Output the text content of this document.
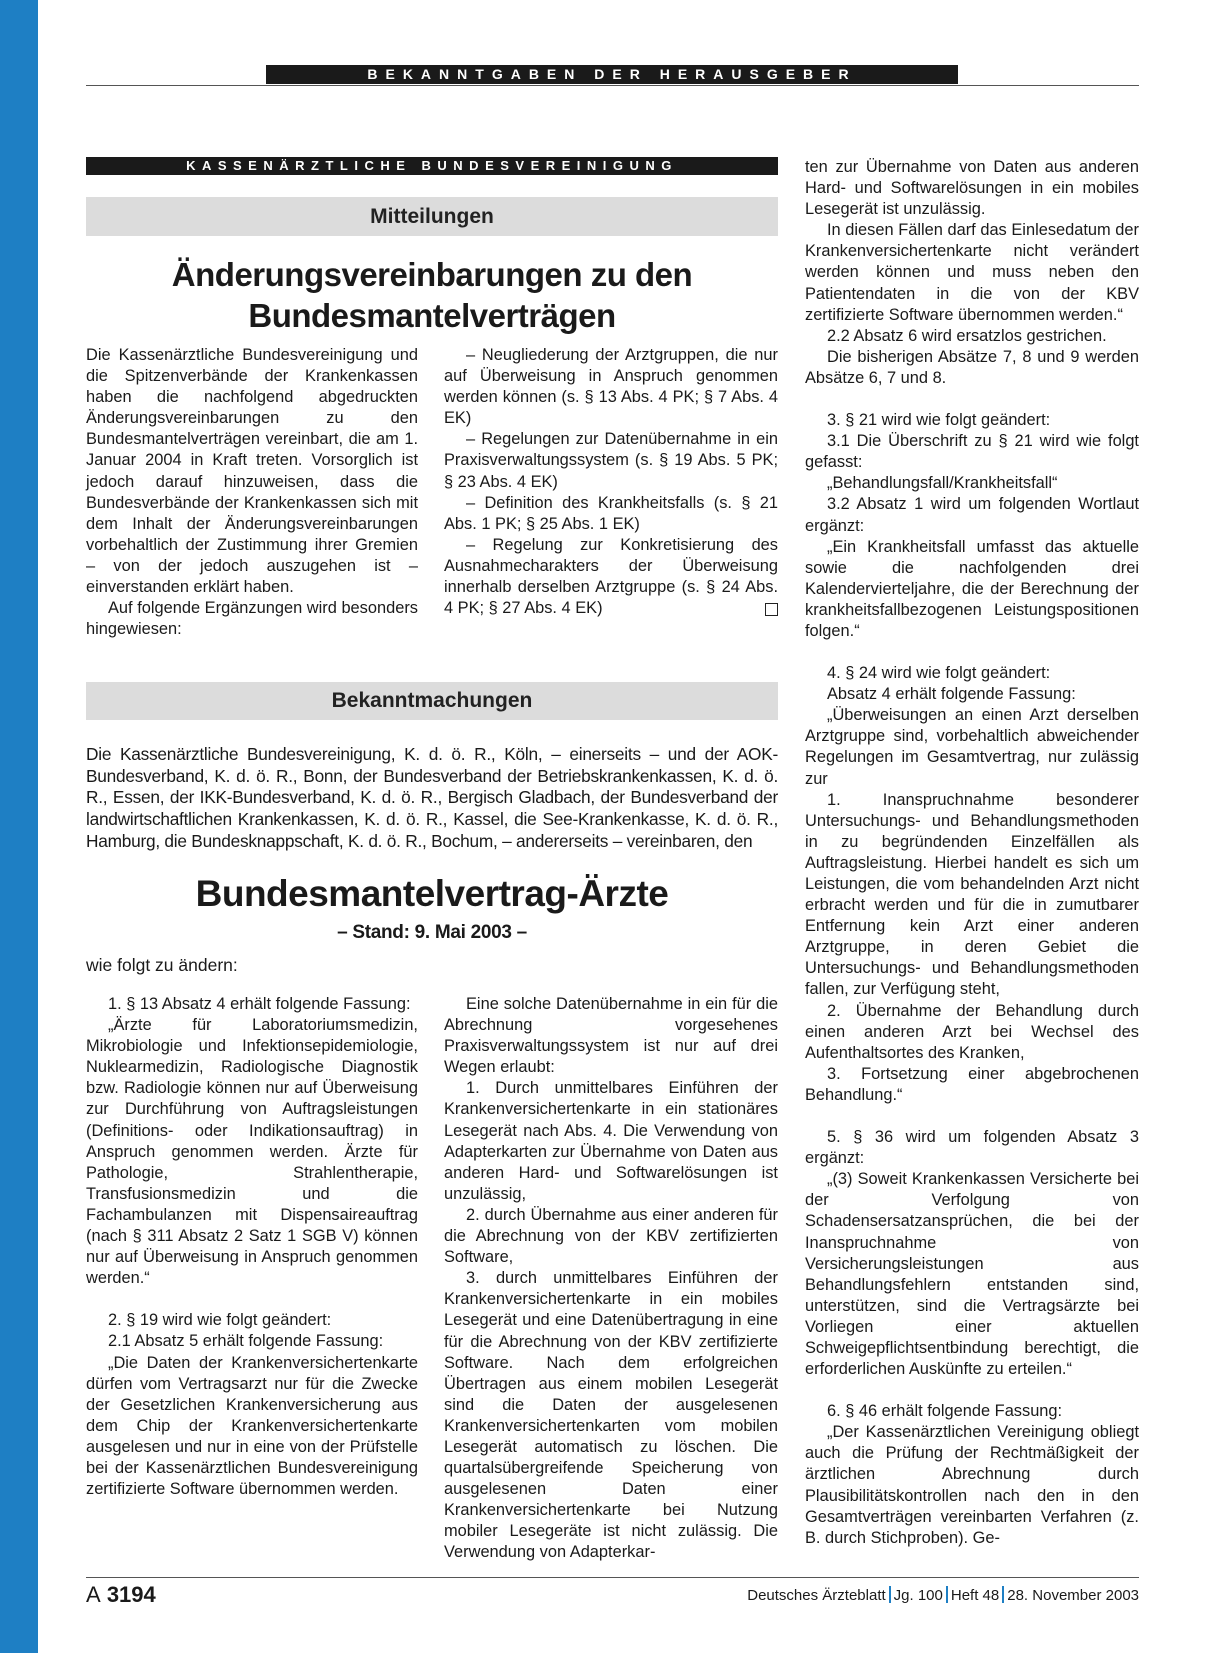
BEKANNTGABEN DER HERAUSGEBER
KASSENÄRZTLICHE BUNDESVEREINIGUNG
Mitteilungen
Änderungsvereinbarungen zu den
Bundesmantelverträgen

Die Kassenärztliche Bundesvereinigung und die Spitzenverbände der Krankenkassen haben die nachfolgend abgedruckten Änderungsvereinbarungen zu den Bundesmantelverträgen vereinbart, die am 1. Januar 2004 in Kraft treten. Vorsorglich ist jedoch darauf hinzuweisen, dass die Bundesverbände der Krankenkassen sich mit dem Inhalt der Änderungsvereinbarungen vorbehaltlich der Zustimmung ihrer Gremien – von der jedoch auszugehen ist – einverstanden erklärt haben.

Auf folgende Ergänzungen wird besonders hingewiesen:

– Neugliederung der Arztgruppen, die nur auf Überweisung in Anspruch genommen werden können (s. § 13 Abs. 4 PK; § 7 Abs. 4 EK)

– Regelungen zur Datenübernahme in ein Praxisverwaltungssystem (s. § 19 Abs. 5 PK; § 23 Abs. 4 EK)

– Definition des Krankheitsfalls (s. § 21 Abs. 1 PK; § 25 Abs. 1 EK)

– Regelung zur Konkretisierung des Ausnahmecharakters der Überweisung innerhalb derselben Arztgruppe (s. § 24 Abs. 4 PK; § 27 Abs. 4 EK)

Bekanntmachungen
Die Kassenärztliche Bundesvereinigung, K. d. ö. R., Köln, – einerseits – und der AOK-Bundesverband, K. d. ö. R., Bonn, der Bundesverband der Betriebskrankenkassen, K. d. ö. R., Essen, der IKK-Bundesverband, K. d. ö. R., Bergisch Gladbach, der Bundesverband der landwirtschaftlichen Krankenkassen, K. d. ö. R., Kassel, die See-Krankenkasse, K. d. ö. R., Hamburg, die Bundesknappschaft, K. d. ö. R., Bochum, – andererseits – vereinbaren, den
Bundesmantelvertrag-Ärzte
– Stand: 9. Mai 2003 –
wie folgt zu ändern:

1. § 13 Absatz 4 erhält folgende Fassung:

„Ärzte für Laboratoriumsmedizin, Mikrobiologie und Infektionsepidemiologie, Nuklearmedizin, Radiologische Diagnostik bzw. Radiologie können nur auf Überweisung zur Durchführung von Auftragsleistungen (Definitions- oder Indikationsauftrag) in Anspruch genommen werden. Ärzte für Pathologie, Strahlentherapie, Transfusionsmedizin und die Fachambulanzen mit Dispensaireauftrag (nach § 311 Absatz 2 Satz 1 SGB V) können nur auf Überweisung in Anspruch genommen werden.“

2. § 19 wird wie folgt geändert:

2.1 Absatz 5 erhält folgende Fassung:

„Die Daten der Krankenversichertenkarte dürfen vom Vertragsarzt nur für die Zwecke der Gesetzlichen Krankenversicherung aus dem Chip der Krankenversichertenkarte ausgelesen und nur in eine von der Prüfstelle bei der Kassenärztlichen Bundesvereinigung zertifizierte Software übernommen werden.

Eine solche Datenübernahme in ein für die Abrechnung vorgesehenes Praxisverwaltungssystem ist nur auf drei Wegen erlaubt:

1. Durch unmittelbares Einführen der Krankenversichertenkarte in ein stationäres Lesegerät nach Abs. 4. Die Verwendung von Adapterkarten zur Übernahme von Daten aus anderen Hard- und Softwarelösungen ist unzulässig,

2. durch Übernahme aus einer anderen für die Abrechnung von der KBV zertifizierten Software,

3. durch unmittelbares Einführen der Krankenversichertenkarte in ein mobiles Lesegerät und eine Datenübertragung in eine für die Abrechnung von der KBV zertifizierte Software. Nach dem erfolgreichen Übertragen aus einem mobilen Lesegerät sind die Daten der ausgelesenen Krankenversichertenkarten vom mobilen Lesegerät automatisch zu löschen. Die quartalsübergreifende Speicherung von ausgelesenen Daten einer Krankenversichertenkarte bei Nutzung mobiler Lesegeräte ist nicht zulässig. Die Verwendung von Adapterkar-

ten zur Übernahme von Daten aus anderen Hard- und Softwarelösungen in ein mobiles Lesegerät ist unzulässig.

In diesen Fällen darf das Einlesedatum der Krankenversichertenkarte nicht verändert werden können und muss neben den Patientendaten in die von der KBV zertifizierte Software übernommen werden.“

2.2 Absatz 6 wird ersatzlos gestrichen.

Die bisherigen Absätze 7, 8 und 9 werden Absätze 6, 7 und 8.

3. § 21 wird wie folgt geändert:

3.1 Die Überschrift zu § 21 wird wie folgt gefasst:

„Behandlungsfall/Krankheitsfall“

3.2 Absatz 1 wird um folgenden Wortlaut ergänzt:

„Ein Krankheitsfall umfasst das aktuelle sowie die nachfolgenden drei Kalendervierteljahre, die der Berechnung der krankheitsfallbezogenen Leistungspositionen folgen.“

4. § 24 wird wie folgt geändert:

Absatz 4 erhält folgende Fassung:

„Überweisungen an einen Arzt derselben Arztgruppe sind, vorbehaltlich abweichender Regelungen im Gesamtvertrag, nur zulässig zur

1. Inanspruchnahme besonderer Untersuchungs- und Behandlungsmethoden in zu begründenden Einzelfällen als Auftragsleistung. Hierbei handelt es sich um Leistungen, die vom behandelnden Arzt nicht erbracht werden und für die in zumutbarer Entfernung kein Arzt einer anderen Arztgruppe, in deren Gebiet die Untersuchungs- und Behandlungsmethoden fallen, zur Verfügung steht,

2. Übernahme der Behandlung durch einen anderen Arzt bei Wechsel des Aufenthaltsortes des Kranken,

3. Fortsetzung einer abgebrochenen Behandlung.“

5. § 36 wird um folgenden Absatz 3 ergänzt:

„(3) Soweit Krankenkassen Versicherte bei der Verfolgung von Schadensersatzansprüchen, die bei der Inanspruchnahme von Versicherungsleistungen aus Behandlungsfehlern entstanden sind, unterstützen, sind die Vertragsärzte bei Vorliegen einer aktuellen Schweigepflichtsentbindung berechtigt, die erforderlichen Auskünfte zu erteilen.“

6. § 46 erhält folgende Fassung:

„Der Kassenärztlichen Vereinigung obliegt auch die Prüfung der Rechtmäßigkeit der ärztlichen Abrechnung durch Plausibilitätskontrollen nach den in den Gesamtverträgen vereinbarten Verfahren (z. B. durch Stichproben). Ge-

A 3194	Deutsches Ärzteblatt Jg. 100 Heft 48 28. November 2003
